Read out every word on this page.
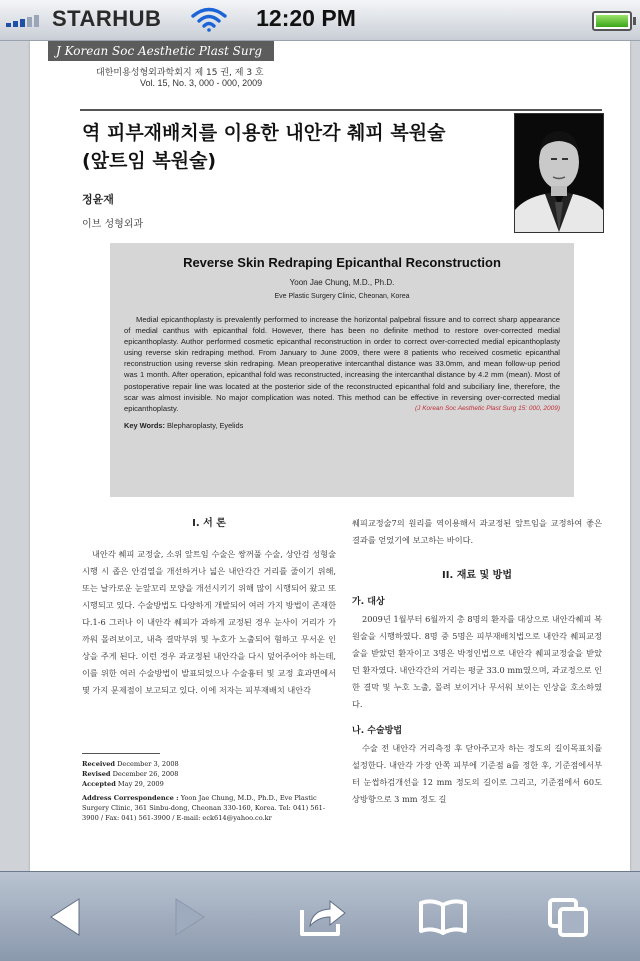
STARHUB	12:20 PM
J Korean Soc Aesthetic Plast Surg
대한미용성형외과학회지 제 15 권, 제 3 호
Vol. 15, No. 3, 000 - 000, 2009
역 피부재배치를 이용한 내안각 췌피 복원술
(앞트임 복원술)
정윤재
이브 성형외과
Reverse Skin Redraping Epicanthal Reconstruction
Yoon Jae Chung, M.D., Ph.D.
Eve Plastic Surgery Clinic, Cheonan, Korea
Medial epicanthoplasty is prevalently performed to increase the horizontal palpebral fissure and to correct sharp appearance of medial canthus with epicanthal fold. However, there has been no definite method to restore over-corrected medial epicanthoplasty. Author performed cosmetic epicanthal reconstruction in order to correct over-corrected medial epicanthoplasty using reverse skin redraping method. From January to June 2009, there were 8 patients who received cosmetic epicanthal reconstruction using reverse skin redraping. Mean preoperative intercanthal distance was 33.0mm, and mean follow-up period was 1 month. After operation, epicanthal fold was reconstructed, increasing the intercanthal distance by 4.2 mm (mean). Most of postoperative repair line was located at the posterior side of the reconstructed epicanthal fold and subciliary line, therefore, the scar was almost invisible. No major complication was noted. This method can be effective in reversing over-corrected medial epicanthoplasty.	(J Korean Soc Aesthetic Plast Surg 15: 000, 2009)
Key Words: Blepharoplasty, Eyelids
I. 서 론
내안각 췌피 교정술, 소위 앞트임 수술은 쌍꺼풀 수술, 상안검 성형술 시행 시 좁은 안검열을 개선하거나 넓은 내안각간 거리를 줄이기 위해, 또는 날카로운 눈앞꼬리 모양을 개선시키기 위해 많이 시행되어 왔고 또 시행되고 있다. 수술방법도 다양하게 개발되어 여러 가지 방법이 존재한다.1-6 그러나 이 내안각 췌피가 과하게 교정된 경우 눈사이 거리가 가까워 몰려보이고, 내측 결막부위 및 누호가 노출되어 혐하고 무서운 인상을 주게 된다. 이런 경우 과교정된 내안각을 다시 덮어주어야 하는데, 이를 위한 여러 수술방법이 발표되었으나 수술흉터 및 교정 효과면에서 몇 가지 문제점이 보고되고 있다. 이에 저자는 피부재배치 내안각
Received December 3, 2008
Revised December 26, 2008
Accepted May 29, 2009
Address Correspondence : Yoon Jae Chung, M.D., Ph.D., Eve Plastic Surgery Clinic, 361 Sinbu-dong, Cheonan 330-160, Korea. Tel: 041) 561-3900 / Fax: 041) 561-3900 / E-mail: eck614@yahoo.co.kr
췌피교정술7의 원리를 역이용해서 과교정된 앞트임을 교정하여 좋은 결과를 얻었기에 보고하는 바이다.
II. 재료 및 방법
가. 대상
2009년 1월부터 6월까지 총 8명의 환자를 대상으로 내안각췌피 복원술을 시행하였다. 8명 중 5명은 피부재배치법으로 내안각 췌피교정술을 받았던 환자이고 3명은 박정인법으로 내안각 췌피교정술을 받았던 환자였다. 내안각간의 거리는 평균 33.0 mm였으며, 과교정으로 인한 결막 및 누호 노출, 몰려 보이거나 무서워 보이는 인상을 호소하였다.
나. 수술방법
수술 전 내안각 거리측정 후 닫아주고자 하는 정도의 길이목표치를 설정한다. 내안각 가장 안쪽 피부에 기준점 a를 정한 후, 기준점에서부터 눈썹하검개선을 12 mm 정도의 길이로 그리고, 기준점에서 60도 상방향으로 3 mm 정도 길
